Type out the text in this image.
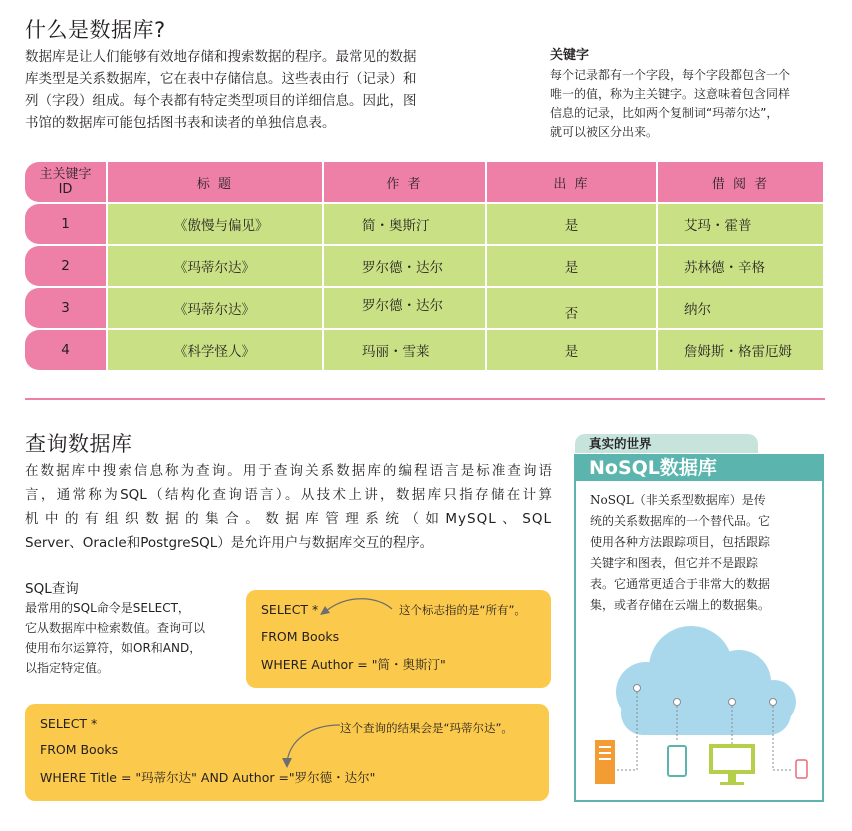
什么是数据库?
数据库是让人们能够有效地存储和搜索数据的程序。最常见的数据
库类型是关系数据库，它在表中存储信息。这些表由行（记录）和
列（字段）组成。每个表都有特定类型项目的详细信息。因此，图
书馆的数据库可能包括图书表和读者的单独信息表。
关键字
每个记录都有一个字段，每个字段都包含一个
唯一的值，称为主关键字。这意味着包含同样
信息的记录，比如两个复制词“玛蒂尔达”，
就可以被区分出来。
主关键字
ID	标 题	作 者	出 库	借 阅 者
1	《傲慢与偏见》	简・奥斯汀	是	艾玛・霍普
2	《玛蒂尔达》	罗尔德・达尔	是	苏林德・辛格
3	《玛蒂尔达》	罗尔德・达尔	否	纳尔
4	《科学怪人》	玛丽・雪莱	是	詹姆斯・格雷厄姆
查询数据库
在数据库中搜索信息称为查询。用于查询关系数据库的编程语言是标准查询语
言，通常称为SQL（结构化查询语言）。从技术上讲，数据库只指存储在计算
机中的有组织数据的集合。数据库管理系统（如MySQL、SQL
Server、Oracle和PostgreSQL）是允许用户与数据库交互的程序。
SQL查询
最常用的SQL命令是SELECT，
它从数据库中检索数值。查询可以
使用布尔运算符，如OR和AND，
以指定特定值。
SELECT *
FROM Books
WHERE Author = "简・奥斯汀"
这个标志指的是“所有”。
SELECT *
FROM Books
WHERE Title = "玛蒂尔达" AND Author ="罗尔德・达尔"
这个查询的结果会是“玛蒂尔达”。
真实的世界
NoSQL数据库
NoSQL（非关系型数据库）是传
统的关系数据库的一个替代品。它
使用各种方法跟踪项目，包括跟踪
关键字和图表，但它并不是跟踪
表。它通常更适合于非常大的数据
集，或者存储在云端上的数据集。
